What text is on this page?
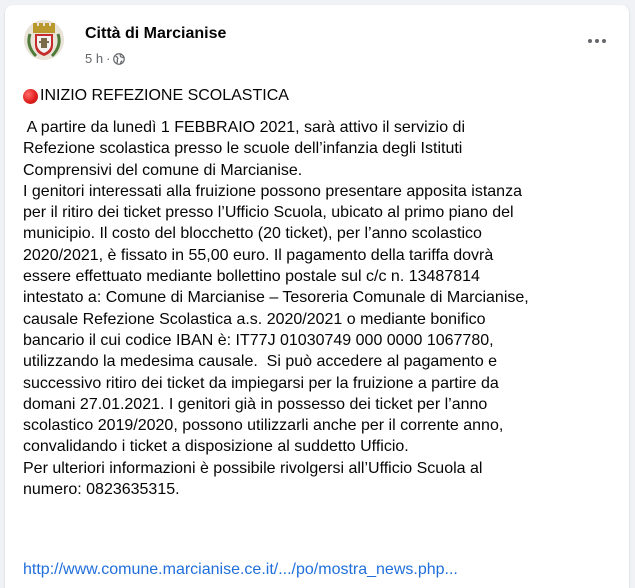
Città di Marcianise
5 h ·
INIZIO REFEZIONE SCOLASTICA
A partire da lunedì 1 FEBBRAIO 2021, sarà attivo il servizio di
Refezione scolastica presso le scuole dell’infanzia degli Istituti
Comprensivi del comune di Marcianise.
I genitori interessati alla fruizione possono presentare apposita istanza
per il ritiro dei ticket presso l’Ufficio Scuola, ubicato al primo piano del
municipio. Il costo del blocchetto (20 ticket), per l’anno scolastico
2020/2021, è fissato in 55,00 euro. Il pagamento della tariffa dovrà
essere effettuato mediante bollettino postale sul c/c n. 13487814
intestato a: Comune di Marcianise – Tesoreria Comunale di Marcianise,
causale Refezione Scolastica a.s. 2020/2021 o mediante bonifico
bancario il cui codice IBAN è: IT77J 01030749 000 0000 1067780,
utilizzando la medesima causale.  Si può accedere al pagamento e
successivo ritiro dei ticket da impiegarsi per la fruizione a partire da
domani 27.01.2021. I genitori già in possesso dei ticket per l’anno
scolastico 2019/2020, possono utilizzarli anche per il corrente anno,
convalidando i ticket a disposizione al suddetto Ufficio.
Per ulteriori informazioni è possibile rivolgersi all’Ufficio Scuola al
numero: 0823635315.
http://www.comune.marcianise.ce.it/.../po/mostra_news.php...
